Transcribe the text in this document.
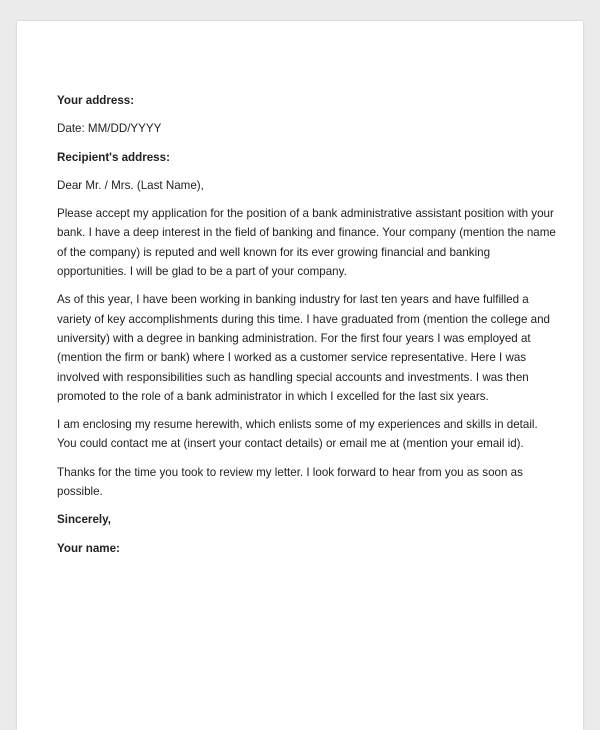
Your address:

Date: MM/DD/YYYY

Recipient's address:

Dear Mr. / Mrs. (Last Name),

Please accept my application for the position of a bank administrative assistant position with your

bank. I have a deep interest in the field of banking and finance. Your company (mention the name

of the company) is reputed and well known for its ever growing financial and banking

opportunities. I will be glad to be a part of your company.

As of this year, I have been working in banking industry for last ten years and have fulfilled a

variety of key accomplishments during this time. I have graduated from (mention the college and

university) with a degree in banking administration. For the first four years I was employed at

(mention the firm or bank) where I worked as a customer service representative. Here I was

involved with responsibilities such as handling special accounts and investments. I was then

promoted to the role of a bank administrator in which I excelled for the last six years.

I am enclosing my resume herewith, which enlists some of my experiences and skills in detail.

You could contact me at (insert your contact details) or email me at (mention your email id).

Thanks for the time you took to review my letter. I look forward to hear from you as soon as

possible.

Sincerely,

Your name:
